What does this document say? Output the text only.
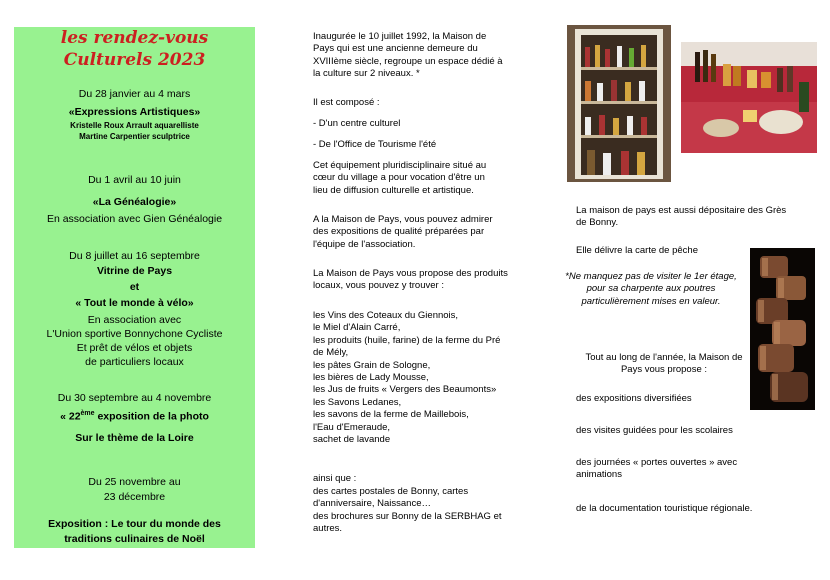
les rendez-vous
Culturels 2023
Du 28 janvier au 4 mars
«Expressions Artistiques»
Kristelle Roux Arrault aquarelliste
Martine Carpentier sculptrice
Du 1 avril au 10 juin
«La Généalogie»
En association avec Gien Généalogie
Du 8 juillet au 16 septembre
Vitrine de Pays
et
« Tout le monde à vélo»
En association avec
L'Union sportive Bonnychone Cycliste
Et prêt de vélos et objets
de particuliers locaux
Du 30 septembre au 4 novembre
« 22ème exposition de la photo
Sur le thème de la Loire
Du 25 novembre au
23 décembre
Exposition : Le tour du monde des
traditions culinaires de Noël
Inaugurée le 10 juillet 1992, la Maison de
Pays qui est une ancienne demeure du
XVIIIème siècle, regroupe un espace dédié à
la culture sur 2 niveaux. *
Il est composé :
- D'un centre culturel
- De l'Office de Tourisme l'été
Cet équipement pluridisciplinaire situé au
cœur du village a pour vocation d'être un
lieu de diffusion culturelle et artistique.
A la Maison de Pays, vous pouvez admirer
des expositions de qualité préparées par
l'équipe de l'association.
La Maison de Pays vous propose des produits
locaux, vous pouvez y trouver :
les Vins des Coteaux du Giennois,
le Miel d'Alain Carré,
les produits (huile, farine) de la ferme du Pré
de Mély,
les pâtes Grain de Sologne,
les bières de Lady Mousse,
les Jus de fruits « Vergers des Beaumonts»
les Savons Ledanes,
les savons de la ferme de Maillebois,
l'Eau d'Emeraude,
sachet de lavande
ainsi que :
des cartes postales de Bonny, cartes
d'anniversaire, Naissance…
des brochures sur Bonny de la SERBHAG et
autres.
La maison de pays est aussi dépositaire des Grès
de Bonny.
Elle délivre la carte de pêche
*Ne manquez pas de visiter le 1er étage,
pour sa charpente aux poutres
particulièrement mises en valeur.
Tout au long de l'année, la Maison de
Pays vous propose :
des expositions diversifiées
des visites guidées pour les scolaires
des journées « portes ouvertes » avec
animations
de la documentation touristique régionale.
